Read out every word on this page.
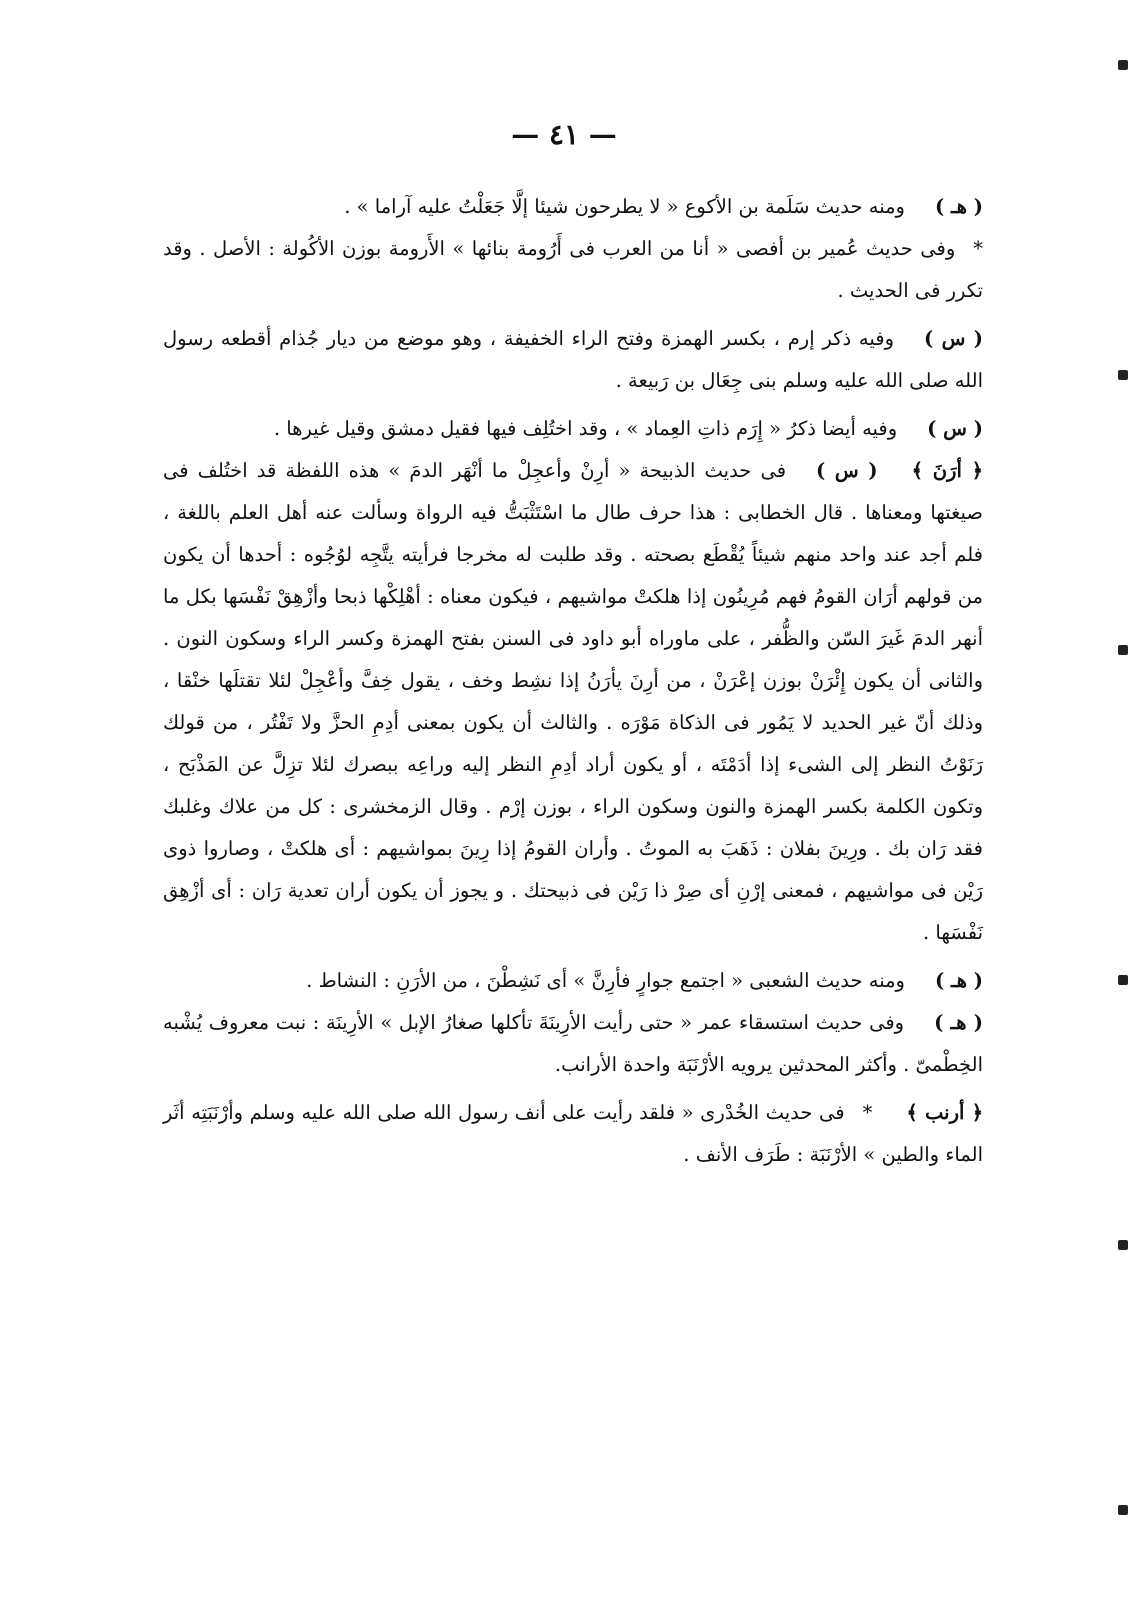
— ٤١ —

( هـ )ومنه حديث سَلَمة بن الأكوع « لا يطرحون شيئا إلَّا جَعَلْتُ عليه آراما » .

*وفى حديث عُمير بن أفصى « أنا من العرب فى أَرُومة بنائها » الأَرومة بوزن الأكُولة : الأصل . وقد تكرر فى الحديث .

( س )وفيه ذكر إرم ، بكسر الهمزة وفتح الراء الخفيفة ، وهو موضع من ديار جُذام أقطعه رسول الله صلى الله عليه وسلم بنى جِعَال بن رَبيعة .

( س )وفيه أيضا ذكرُ « إِرَم ذاتِ العِماد » ، وقد اختُلِف فيها فقيل دمشق وقيل غيرها .

﴿ أرَنَ ﴾( س )فى حديث الذبيحة « أرِنْ وأعجِلْ ما أنْهَر الدمَ » هذه اللفظة قد اختُلف فى صيغتها ومعناها . قال الخطابى : هذا حرف طال ما اسْتَثْبَتُّ فيه الرواة وسألت عنه أهل العلم باللغة ، فلم أجد عند واحد منهم شيئاً يُقْطَع بصحته . وقد طلبت له مخرجا فرأيته يتَّجِه لوُجُوه : أحدها أن يكون من قولهم أرَان القومُ فهم مُرِينُون إذا هلكتْ مواشيهم ، فيكون معناه : أهْلِكْها ذبحا وأزْهِقْ نَفْسَها بكل ما أنهر الدمَ غَيرَ السّن والظُّفر ، على ماوراه أبو داود فى السنن بفتح الهمزة وكسر الراء وسكون النون . والثانى أن يكون إِئْرَنْ بوزن إعْرَنْ ، من أرِنَ يأرَنُ إذا نشِط وخف ، يقول خِفَّ وأعْجِلْ لئلا تقتلَها خنْقا ، وذلك أنّ غير الحديد لا يَمُور فى الذكاة مَوْرَه . والثالث أن يكون بمعنى أدِمِ الحزَّ ولا تَفْتُر ، من قولك رَنَوْتُ النظر إلى الشىء إذا أدَمْتَه ، أو يكون أراد أدِمِ النظر إليه وراعِه ببصرك لئلا تزِلَّ عن المَذْبَح ، وتكون الكلمة بكسر الهمزة والنون وسكون الراء ، بوزن إرْم . وقال الزمخشرى : كل من علاك وغلبك فقد رَان بك . ورِينَ بفلان : ذَهَبَ به الموتُ . وأران القومُ إذا رِينَ بمواشيهم : أى هلكتْ ، وصاروا ذوى رَيْن فى مواشيهم ، فمعنى إرْنِ أى صِرْ ذا رَيْن فى ذبيحتك . و يجوز أن يكون أران تعدية رَان : أى أزْهِق نَفْسَها .

( هـ )ومنه حديث الشعبى « اجتمع جوارٍ فأرِنَّ » أى نَشِطْنَ ، من الأرَنِ : النشاط .

( هـ )وفى حديث استسقاء عمر « حتى رأيت الأرِينَةَ تأكلها صغارُ الإبل » الأرِينَة : نبت معروف يُشْبه الخِطْمىّ . وأكثر المحدثين يرويه الأرْنَبَة واحدة الأرانب.

﴿ أرنب ﴾*فى حديث الخُدْرى « فلقد رأيت على أنف رسول الله صلى الله عليه وسلم وأرْنَبَتِه أثَر الماء والطين » الأرْنَبَة : طَرَف الأنف .
